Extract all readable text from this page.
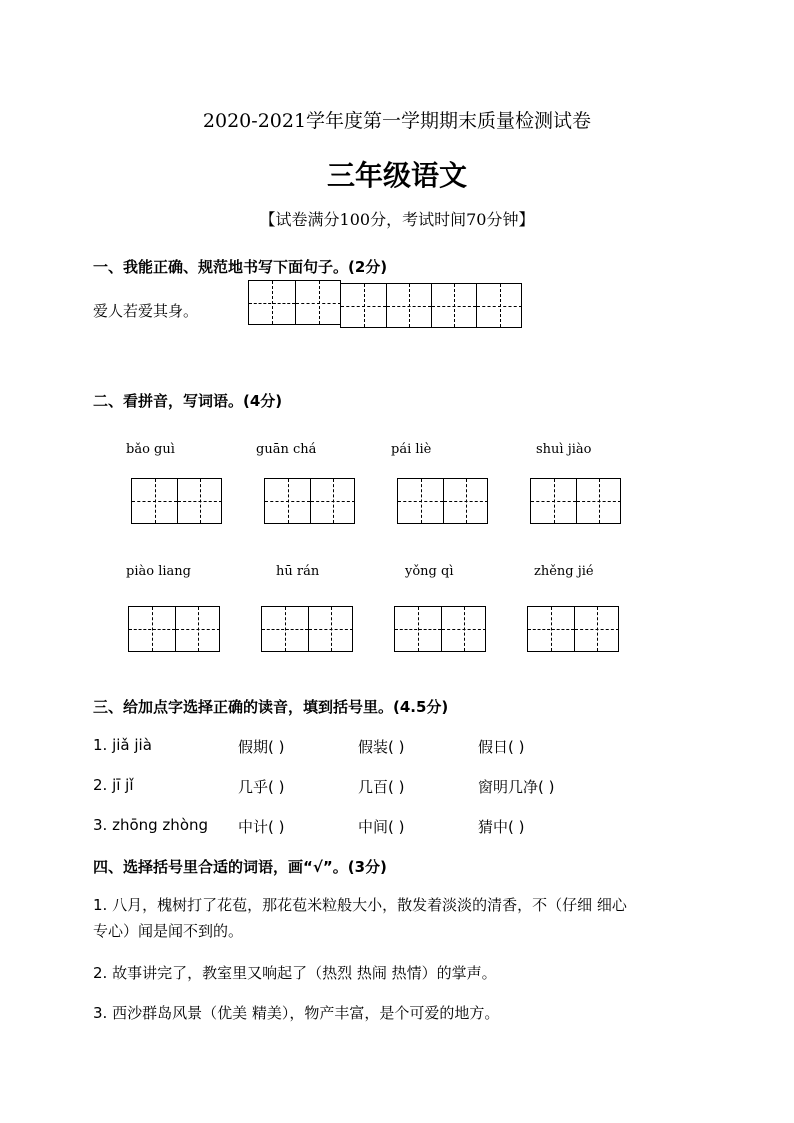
2020-2021学年度第一学期期末质量检测试卷
三年级语文
【试卷满分100分，考试时间70分钟】
一、我能正确、规范地书写下面句子。(2分)
爱人若爱其身。
二、看拼音，写词语。(4分)
bǎo guì	guān chá	pái liè	shuì jiào
piào liang	hū rán	yǒng qì	zhěng jié
三、给加点字选择正确的读音，填到括号里。(4.5分)
1. jiǎ jià	假期( )	假装( )	假日( )
2. jī jǐ	几乎( )	几百( )	窗明几净( )
3. zhōng zhòng 中计( )	中间( )	猜中( )
四、选择括号里合适的词语，画“√”。(3分)
1. 八月，槐树打了花苞，那花苞米粒般大小，散发着淡淡的清香，不（仔细 细心
专心）闻是闻不到的。
2. 故事讲完了，教室里又响起了（热烈 热闹 热情）的掌声。
3. 西沙群岛风景（优美 精美），物产丰富，是个可爱的地方。
